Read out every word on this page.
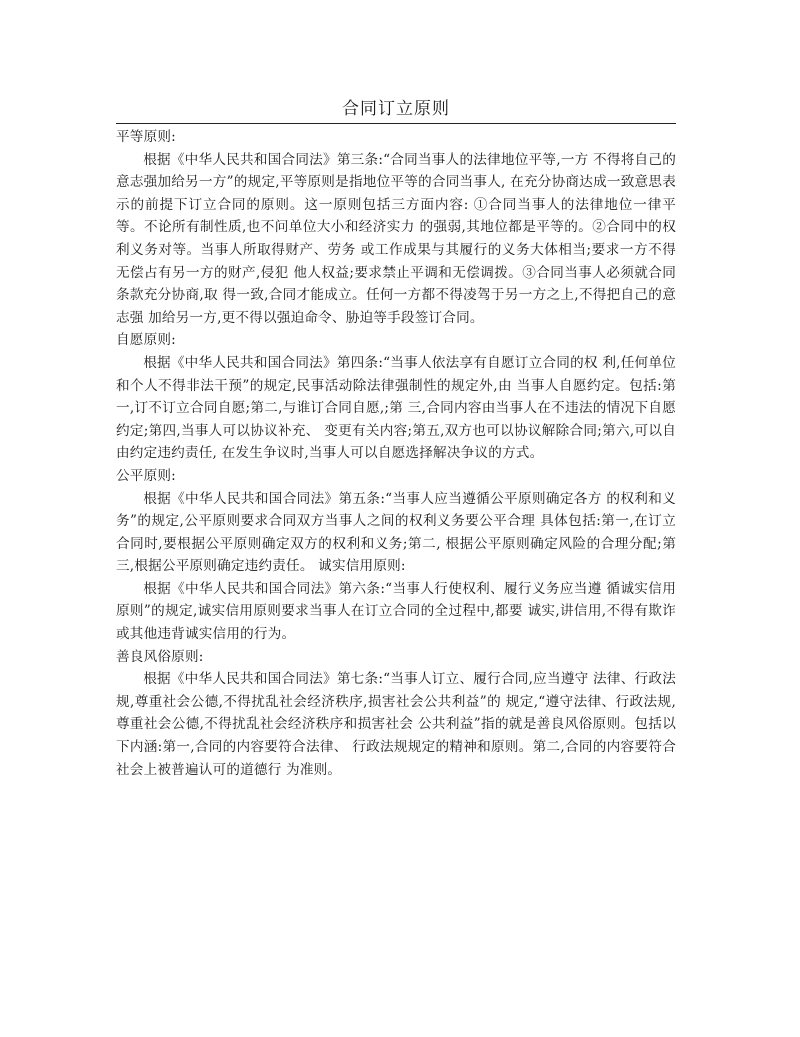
合同订立原则

平等原则:

根据《中华人民共和国合同法》第三条:“合同当事人的法律地位平等,一方 不得将自己的意志强加给另一方”的规定,平等原则是指地位平等的合同当事人, 在充分协商达成一致意思表示的前提下订立合同的原则。这一原则包括三方面内容: ①合同当事人的法律地位一律平等。不论所有制性质,也不问单位大小和经济实力 的强弱,其地位都是平等的。②合同中的权利义务对等。当事人所取得财产、劳务 或工作成果与其履行的义务大体相当;要求一方不得无偿占有另一方的财产,侵犯 他人权益;要求禁止平调和无偿调拨。③合同当事人必须就合同条款充分协商,取 得一致,合同才能成立。任何一方都不得凌驾于另一方之上,不得把自己的意志强 加给另一方,更不得以强迫命令、胁迫等手段签订合同。

自愿原则:

根据《中华人民共和国合同法》第四条:“当事人依法享有自愿订立合同的权 利,任何单位和个人不得非法干预”的规定,民事活动除法律强制性的规定外,由 当事人自愿约定。包括:第一,订不订立合同自愿;第二,与谁订合同自愿,;第 三,合同内容由当事人在不违法的情况下自愿约定;第四,当事人可以协议补充、 变更有关内容;第五,双方也可以协议解除合同;第六,可以自由约定违约责任, 在发生争议时,当事人可以自愿选择解决争议的方式。

公平原则:

根据《中华人民共和国合同法》第五条:“当事人应当遵循公平原则确定各方 的权利和义务”的规定,公平原则要求合同双方当事人之间的权利义务要公平合理 具体包括:第一,在订立合同时,要根据公平原则确定双方的权利和义务;第二, 根据公平原则确定风险的合理分配;第三,根据公平原则确定违约责任。 诚实信用原则:

根据《中华人民共和国合同法》第六条:“当事人行使权利、履行义务应当遵 循诚实信用原则”的规定,诚实信用原则要求当事人在订立合同的全过程中,都要 诚实,讲信用,不得有欺诈或其他违背诚实信用的行为。

善良风俗原则:

根据《中华人民共和国合同法》第七条:“当事人订立、履行合同,应当遵守 法律、行政法规,尊重社会公德,不得扰乱社会经济秩序,损害社会公共利益”的 规定,“遵守法律、行政法规,尊重社会公德,不得扰乱社会经济秩序和损害社会 公共利益”指的就是善良风俗原则。包括以下内涵:第一,合同的内容要符合法律、 行政法规规定的精神和原则。第二,合同的内容要符合社会上被普遍认可的道德行 为准则。
